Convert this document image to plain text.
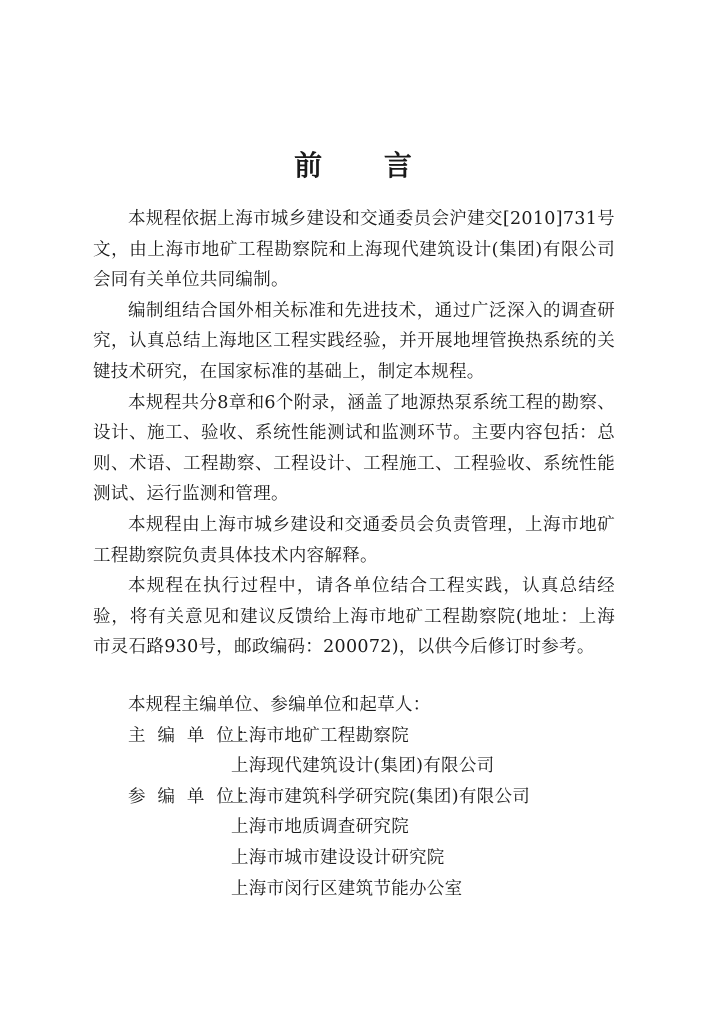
前 言

本规程依据上海市城乡建设和交通委员会沪建交[2010]731号文，由上海市地矿工程勘察院和上海现代建筑设计(集团)有限公司会同有关单位共同编制。

编制组结合国外相关标准和先进技术，通过广泛深入的调查研究，认真总结上海地区工程实践经验，并开展地埋管换热系统的关键技术研究，在国家标准的基础上，制定本规程。

本规程共分8章和6个附录，涵盖了地源热泵系统工程的勘察、设计、施工、验收、系统性能测试和监测环节。主要内容包括：总则、术语、工程勘察、工程设计、工程施工、工程验收、系统性能测试、运行监测和管理。

本规程由上海市城乡建设和交通委员会负责管理，上海市地矿工程勘察院负责具体技术内容解释。

本规程在执行过程中，请各单位结合工程实践，认真总结经验，将有关意见和建议反馈给上海市地矿工程勘察院(地址：上海市灵石路930号，邮政编码：200072)，以供今后修订时参考。

本规程主编单位、参编单位和起草人：

主 编 单 位：
上海市地矿工程勘察院
上海现代建筑设计(集团)有限公司
参 编 单 位：
上海市建筑科学研究院(集团)有限公司
上海市地质调查研究院
上海市城市建设设计研究院
上海市闵行区建筑节能办公室
